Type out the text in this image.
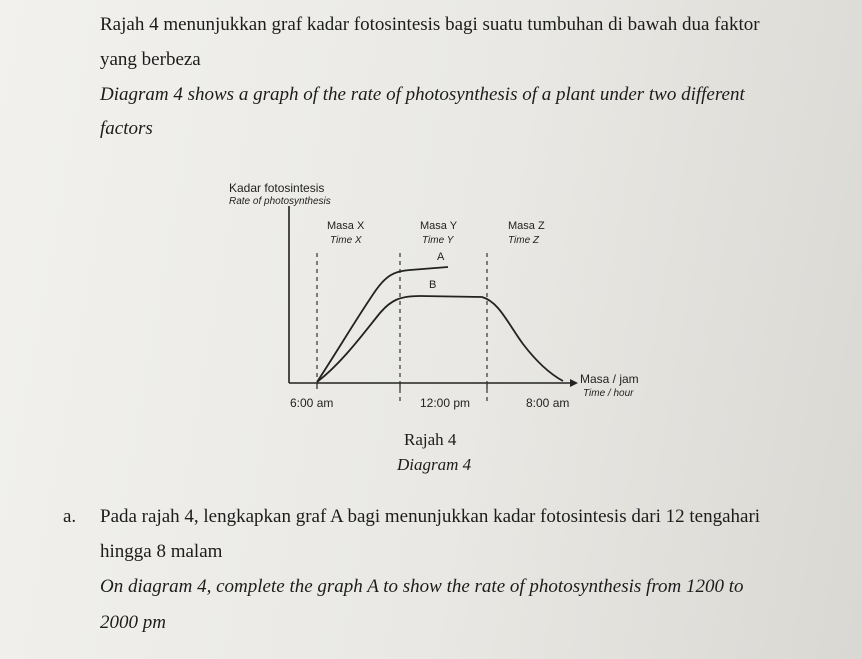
Rajah 4 menunjukkan graf kadar fotosintesis bagi suatu tumbuhan di bawah dua faktor
yang berbeza
Diagram 4 shows a graph of the rate of photosynthesis of a plant under two different
factors
Kadar fotosintesis
Rate of photosynthesis
Masa X
Time X
Masa Y
Time Y
Masa Z
Time Z
A
B
Masa / jam
Time / hour
6:00 am	12:00 pm	8:00 am
Rajah 4
Diagram 4
a. Pada rajah 4, lengkapkan graf A bagi menunjukkan kadar fotosintesis dari 12 tengahari
hingga 8 malam
On diagram 4, complete the graph A to show the rate of photosynthesis from 1200 to
2000 pm
